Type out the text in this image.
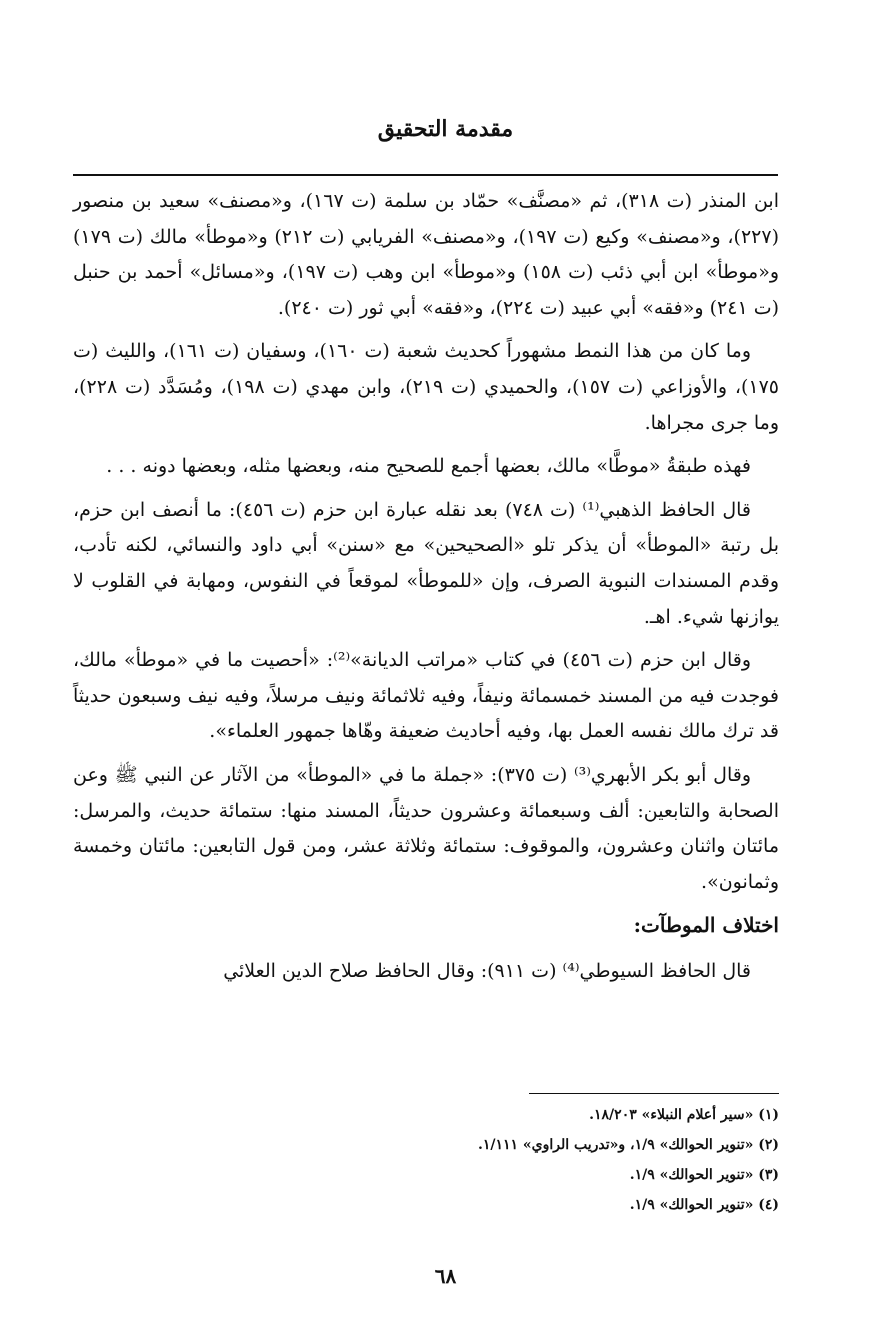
مقدمة التحقيق

ابن المنذر (ت ٣١٨)، ثم «مصنَّف» حمّاد بن سلمة (ت ١٦٧)، و«مصنف» سعيد بن منصور (٢٢٧)، و«مصنف» وكيع (ت ١٩٧)، و«مصنف» الفريابي (ت ٢١٢) و«موطأ» مالك (ت ١٧٩) و«موطأ» ابن أبي ذئب (ت ١٥٨) و«موطأ» ابن وهب (ت ١٩٧)، و«مسائل» أحمد بن حنبل (ت ٢٤١) و«فقه» أبي عبيد (ت ٢٢٤)، و«فقه» أبي ثور (ت ٢٤٠).

وما كان من هذا النمط مشهوراً كحديث شعبة (ت ١٦٠)، وسفيان (ت ١٦١)، والليث (ت ١٧٥)، والأوزاعي (ت ١٥٧)، والحميدي (ت ٢١٩)، وابن مهدي (ت ١٩٨)، ومُسَدَّد (ت ٢٢٨)، وما جرى مجراها.

فهذه طبقةُ «موطَّا» مالك، بعضها أجمع للصحيح منه، وبعضها مثله، وبعضها دونه . . .

قال الحافظ الذهبي⁽¹⁾ (ت ٧٤٨) بعد نقله عبارة ابن حزم (ت ٤٥٦): ما أنصف ابن حزم، بل رتبة «الموطأ» أن يذكر تلو «الصحيحين» مع «سنن» أبي داود والنسائي، لكنه تأدب، وقدم المسندات النبوية الصرف، وإن «للموطأ» لموقعاً في النفوس، ومهابة في القلوب لا يوازنها شيء. اهـ.

وقال ابن حزم (ت ٤٥٦) في كتاب «مراتب الديانة»⁽²⁾: «أحصيت ما في «موطأ» مالك، فوجدت فيه من المسند خمسمائة ونيفاً، وفيه ثلاثمائة ونيف مرسلاً، وفيه نيف وسبعون حديثاً قد ترك مالك نفسه العمل بها، وفيه أحاديث ضعيفة وهّاها جمهور العلماء».

وقال أبو بكر الأبهري⁽³⁾ (ت ٣٧٥): «جملة ما في «الموطأ» من الآثار عن النبي ﷺ وعن الصحابة والتابعين: ألف وسبعمائة وعشرون حديثاً، المسند منها: ستمائة حديث، والمرسل: مائتان واثنان وعشرون، والموقوف: ستمائة وثلاثة عشر، ومن قول التابعين: مائتان وخمسة وثمانون».

اختلاف الموطآت:

قال الحافظ السيوطي⁽⁴⁾ (ت ٩١١): وقال الحافظ صلاح الدين العلائي

(١) «سير أعلام النبلاء» ١٨/٢٠٣.
(٢) «تنوير الحوالك» ١/٩، و«تدريب الراوي» ١/١١١.
(٣) «تنوير الحوالك» ١/٩.
(٤) «تنوير الحوالك» ١/٩.
٦٨
